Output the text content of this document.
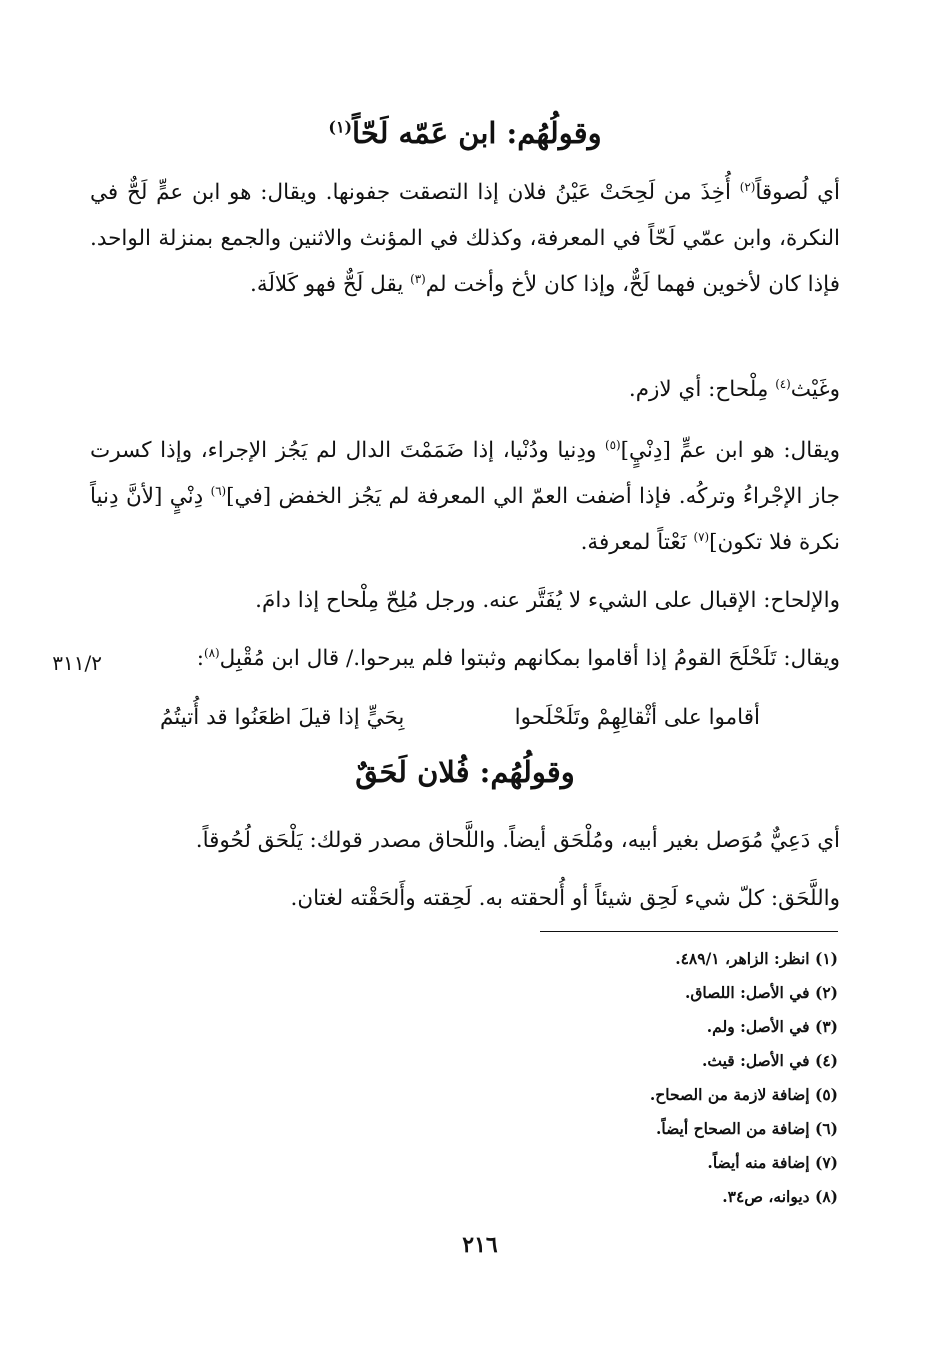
وقولُهُم: ابن عَمّه لَحّاً$^{(١)}$
أي لُصوقاً$^{(٢)}$ أُخِذَ من لَحِحَتْ عَيْنُ فلان إذا التصقت جفونها. ويقال: هو ابن عمٍّ لَحٌّ في النكرة، وابن عمّي لَحّاً في المعرفة، وكذلك في المؤنث والاثنين والجمع بمنزلة الواحد. فإذا كان لأخوين فهما لَحٌّ، وإذا كان لأخ وأخت لم$^{(٣)}$ يقل لَحٌّ فهو كَلالَة.
وغَيْث$^{(٤)}$ مِلْحاح: أي لازم.
ويقال: هو ابن عمٍّ [دِنْيٍ]$^{(٥)}$ ودِنيا ودُنْيا، إذا ضَمَمْتَ الدال لم يَجُز الإجراء، وإذا كسرت جاز الإجْراءُ وتركُه. فإذا أضفت العمّ الي المعرفة لم يَجُز الخفض [في]$^{(٦)}$ دِنْيٍ [لأنَّ دِنياً نكرة فلا تكون]$^{(٧)}$ نَعْتاً لمعرفة.
والإلحاح: الإقبال على الشيء لا يُفَتَّر عنه. ورجل مُلِحّ مِلْحاح إذا دامَ.
٣١١/٢	ويقال: تَلَحْلَحَ القومُ إذا أقاموا بمكانهم وثبتوا فلم يبرحوا./ قال ابن مُقْبِل$^{(٨)}$:
بِحَيٍّ إذا قيلَ اظعَنُوا قد أُتيتُمُ	أقاموا على أثْقالِهِمْ وتَلَحْلَحوا
وقولُهُم: فُلان لَحَقٌ
أي دَعِيٌّ مُوَصل بغير أبيه، ومُلْحَق أيضاً. واللَّحاق مصدر قولك: يَلْحَق لُحُوقاً.
واللَّحَق: كلّ شيء لَحِق شيئاً أو أُلحقته به. لَحِقته وأَلحَقْته لغتان.
(١) انظر: الزاهر، ٤٨٩/١.
(٢) في الأصل: اللصاق.
(٣) في الأصل: ولم.
(٤) في الأصل: قيث.
(٥) إضافة لازمة من الصحاح.
(٦) إضافة من الصحاح أيضاً.
(٧) إضافة منه أيضاً.
(٨) ديوانه، ص٣٤.
٢١٦
